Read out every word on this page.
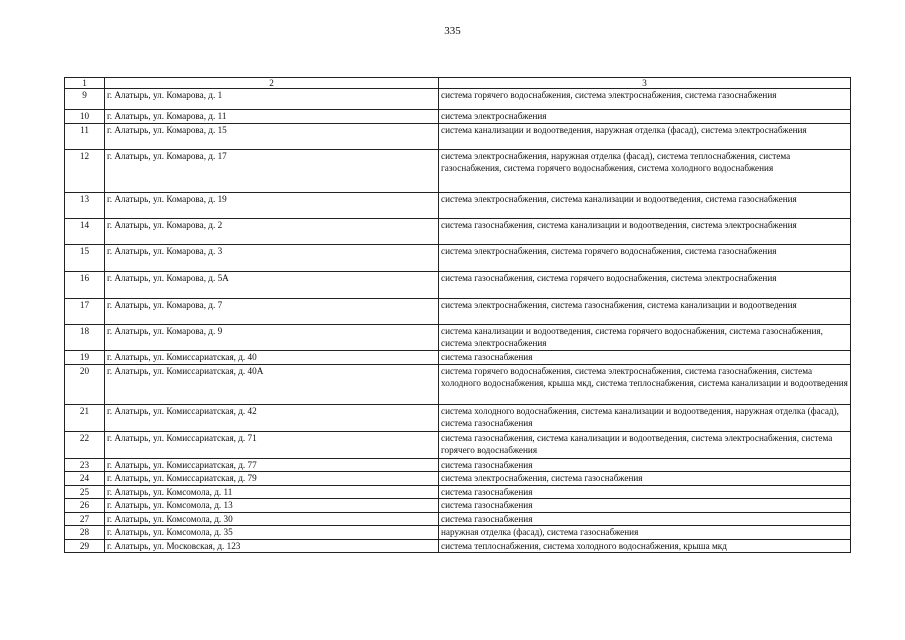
335
1	2	3
9	г. Алатырь, ул. Комарова, д. 1	система горячего водоснабжения, система электроснабжения, система газоснабжения
10	г. Алатырь, ул. Комарова, д. 11	система электроснабжения
11	г. Алатырь, ул. Комарова, д. 15	система канализации и водоотведения, наружная отделка (фасад), система электроснабжения
12	г. Алатырь, ул. Комарова, д. 17	система электроснабжения, наружная отделка (фасад), система теплоснабжения, система газоснабжения, система горячего водоснабжения, система холодного водоснабжения
13	г. Алатырь, ул. Комарова, д. 19	система электроснабжения, система канализации и водоотведения, система газоснабжения
14	г. Алатырь, ул. Комарова, д. 2	система газоснабжения, система канализации и водоотведения, система электроснабжения
15	г. Алатырь, ул. Комарова, д. 3	система электроснабжения, система горячего водоснабжения, система газоснабжения
16	г. Алатырь, ул. Комарова, д. 5А	система газоснабжения, система горячего водоснабжения, система электроснабжения
17	г. Алатырь, ул. Комарова, д. 7	система электроснабжения, система газоснабжения, система канализации и водоотведения
18	г. Алатырь, ул. Комарова, д. 9	система канализации и водоотведения, система горячего водоснабжения, система газоснабжения, система электроснабжения
19	г. Алатырь, ул. Комиссариатская, д. 40	система газоснабжения
20	г. Алатырь, ул. Комиссариатская, д. 40А	система горячего водоснабжения, система электроснабжения, система газоснабжения, система холодного водоснабжения, крыша мкд, система теплоснабжения, система канализации и водоотведения
21	г. Алатырь, ул. Комиссариатская, д. 42	система холодного водоснабжения, система канализации и водоотведения, наружная отделка (фасад), система газоснабжения
22	г. Алатырь, ул. Комиссариатская, д. 71	система газоснабжения, система канализации и водоотведения, система электроснабжения, система горячего водоснабжения
23	г. Алатырь, ул. Комиссариатская, д. 77	система газоснабжения
24	г. Алатырь, ул. Комиссариатская, д. 79	система электроснабжения, система газоснабжения
25	г. Алатырь, ул. Комсомола, д. 11	система газоснабжения
26	г. Алатырь, ул. Комсомола, д. 13	система газоснабжения
27	г. Алатырь, ул. Комсомола, д. 30	система газоснабжения
28	г. Алатырь, ул. Комсомола, д. 35	наружная отделка (фасад), система газоснабжения
29	г. Алатырь, ул. Московская, д. 123	система теплоснабжения, система холодного водоснабжения, крыша мкд
